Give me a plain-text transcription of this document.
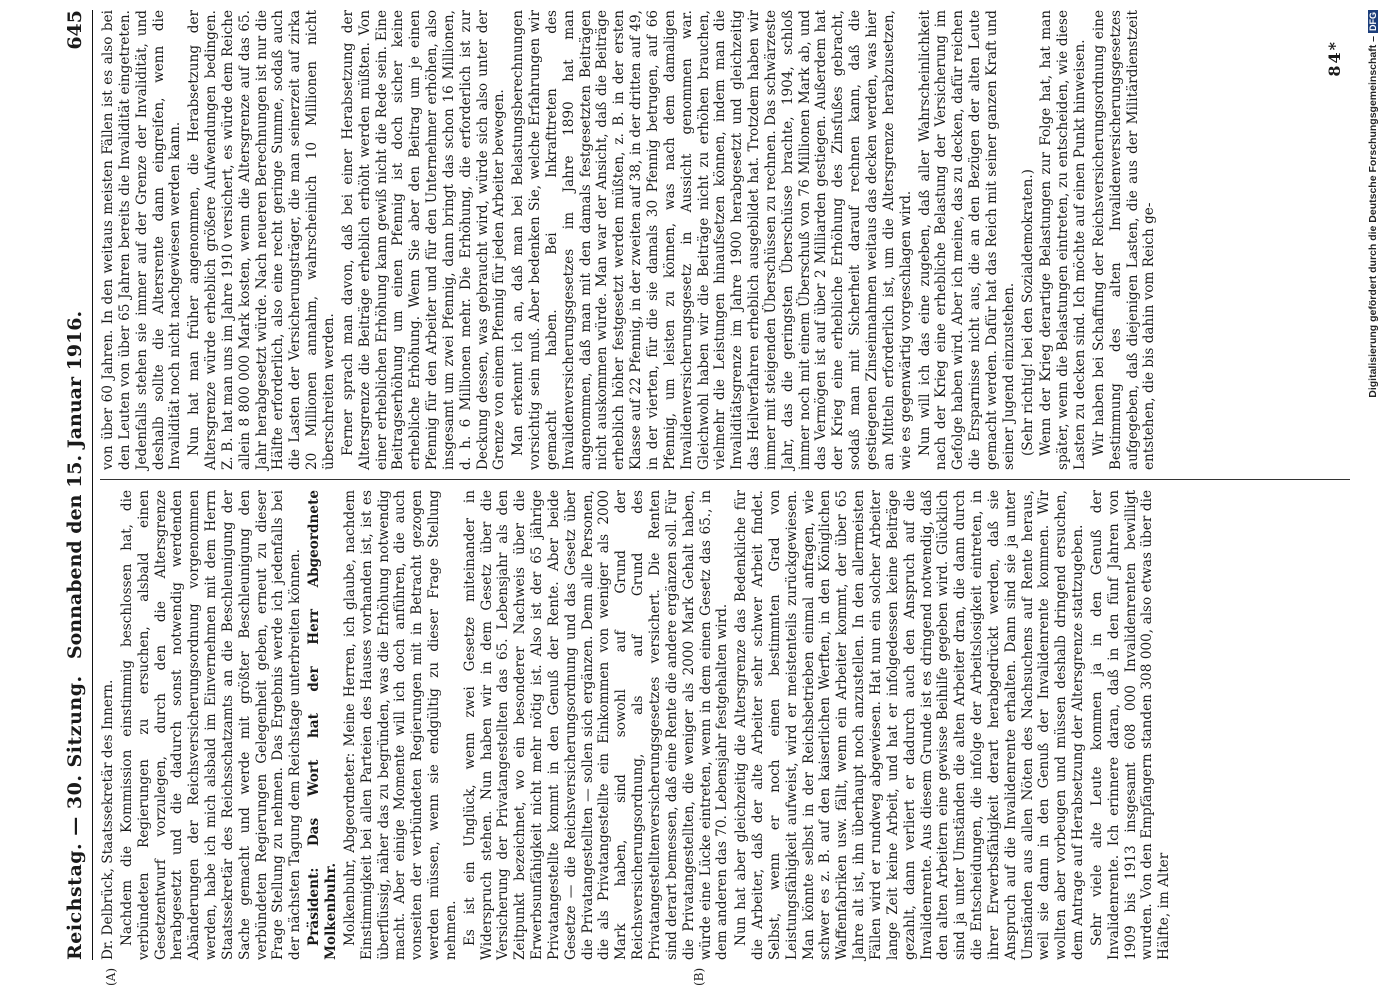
Reichstag. — 30. Sitzung.
Sonnabend den 15. Januar 1916.
645
(A)	(B)

Dr. Delbrück, Staatssekretär des Innern. Nachdem die Kommission einstimmig beschlossen hat, die verbündeten Regierungen zu ersuchen, alsbald einen Gesetzentwurf vorzulegen, durch den die Altersgrenze herabgesetzt und die dadurch sonst notwendig werdenden Abänderungen der Reichsversicherungsordnung vorgenommen werden, habe ich mich alsbald im Einvernehmen mit dem Herrn Staatssekretär des Reichsschatzamts an die Beschleunigung der Sache gemacht und werde mit größter Beschleunigung den verbündeten Regierungen Gelegenheit geben, erneut zu dieser Frage Stellung zu nehmen. Das Ergebnis werde ich jedenfalls bei der nächsten Tagung dem Reichstage unterbreiten können. Präsident: Das Wort hat der Herr Abgeordnete Molkenbuhr. Molkenbuhr, Abgeordneter: Meine Herren, ich glaube, nachdem Einstimmigkeit bei allen Parteien des Hauses vorhanden ist, ist es überflüssig, näher das zu begründen, was die Erhöhung notwendig macht. Aber einige Momente will ich doch anführen, die auch vonseiten der verbündeten Regierungen mit in Betracht gezogen werden müssen, wenn sie endgültig zu dieser Frage Stellung nehmen. Es ist ein Unglück, wenn zwei Gesetze miteinander in Widerspruch stehen. Nun haben wir in dem Gesetz über die Versicherung der Privatangestellten das 65. Lebensjahr als den Zeitpunkt bezeichnet, wo ein besonderer Nachweis über die Erwerbsunfähigkeit nicht mehr nötig ist. Also ist der 65 jährige Privatangestellte kommt in den Genuß der Rente. Aber beide Gesetze — die Reichsversicherungsordnung und das Gesetz über die Privatangestellten — sollen sich ergänzen. Denn alle Personen, die als Privatangestellte ein Einkommen von weniger als 2000 Mark haben, sind sowohl auf Grund der Reichsversicherungsordnung, als auf Grund des Privatangestelltenversicherungsgesetzes versichert. Die Renten sind derart bemessen, daß eine Rente die andere ergänzen soll. Für die Privatangestellten, die weniger als 2000 Mark Gehalt haben, würde eine Lücke eintreten, wenn in dem einen Gesetz das 65., in dem anderen das 70. Lebensjahr festgehalten wird. Nun hat aber gleichzeitig die Altersgrenze das Bedenkliche für die Arbeiter, daß der alte Arbeiter sehr schwer Arbeit findet. Selbst, wenn er noch einen bestimmten Grad von Leistungsfähigkeit aufweist, wird er meistenteils zurückgewiesen. Man könnte selbst in der Reichsbetrieben einmal anfragen, wie schwer es z. B. auf den kaiserlichen Werften, in den Königlichen Waffenfabriken usw. fällt, wenn ein Arbeiter kommt, der über 65 Jahre alt ist, ihn überhaupt noch anzustellen. In den allermeisten Fällen wird er rundweg abgewiesen. Hat nun ein solcher Arbeiter lange Zeit keine Arbeit, und hat er infolgedessen keine Beiträge gezahlt, dann verliert er dadurch auch den Anspruch auf die Invalidenrente. Aus diesem Grunde ist es dringend notwendig, daß den alten Arbeitern eine gewisse Beihilfe gegeben wird. Glücklich sind ja unter Umständen die alten Arbeiter dran, die dann durch die Entscheidungen, die infolge der Arbeitslosigkeit eintreten, in ihrer Erwerbsfähigkeit derart herabgedrückt werden, daß sie Anspruch auf die Invalidenrente erhalten. Dann sind sie ja unter Umständen aus allen Nöten des Nachsuchens auf Rente heraus, weil sie dann in den Genuß der Invalidenrente kommen. Wir wollten aber vorbeugen und müssen deshalb dringend ersuchen, dem Antrage auf Herabsetzung der Altersgrenze stattzugeben. Sehr viele alte Leute kommen ja in den Genuß der Invalidenrente. Ich erinnere daran, daß in den fünf Jahren von 1909 bis 1913 insgesamt 608 000 Invalidenrenten bewilligt wurden. Von den Empfängern standen 308 000, also etwas über die Hälfte, im Alter

von über 60 Jahren. In den weitaus meisten Fällen ist es also bei den Leuten von über 65 Jahren bereits die Invalidität eingetreten. Jedenfalls stehen sie immer auf der Grenze der Invalidität, und deshalb sollte die Altersrente dann eingreifen, wenn die Invalidität noch nicht nachgewiesen werden kann. Nun hat man früher angenommen, die Herabsetzung der Altersgrenze würde erheblich größere Aufwendungen bedingen. Z. B. hat man uns im Jahre 1910 versichert, es würde dem Reiche allein 8 800 000 Mark kosten, wenn die Altersgrenze auf das 65. Jahr herabgesetzt würde. Nach neueren Berechnungen ist nur die Hälfte erforderlich, also eine recht geringe Summe, sodaß auch die Lasten der Versicherungsträger, die man seinerzeit auf zirka 20 Millionen annahm, wahrscheinlich 10 Millionen nicht überschreiten werden. Ferner sprach man davon, daß bei einer Herabsetzung der Altersgrenze die Beiträge erheblich erhöht werden müßten. Von einer erheblichen Erhöhung kann gewiß nicht die Rede sein. Eine Beitragserhöhung um einen Pfennig ist doch sicher keine erhebliche Erhöhung. Wenn Sie aber den Beitrag um je einen Pfennig für den Arbeiter und für den Unternehmer erhöhen, also insgesamt um zwei Pfennig, dann bringt das schon 16 Millionen, d. h. 6 Millionen mehr. Die Erhöhung, die erforderlich ist zur Deckung dessen, was gebraucht wird, würde sich also unter der Grenze von einem Pfennig für jeden Arbeiter bewegen. Man erkennt ich an, daß man bei Belastungsberechnungen vorsichtig sein muß. Aber bedenken Sie, welche Erfahrungen wir gemacht haben. Bei Inkrafttreten des Invalidenversicherungsgesetzes im Jahre 1890 hat man angenommen, daß man mit den damals festgesetzten Beiträgen nicht auskommen würde. Man war der Ansicht, daß die Beiträge erheblich höher festgesetzt werden müßten, z. B. in der ersten Klasse auf 22 Pfennig, in der zweiten auf 38, in der dritten auf 49, in der vierten, für die sie damals 30 Pfennig betrugen, auf 66 Pfennig, um leisten zu können, was nach dem damaligen Invalidenversicherungsgesetz in Aussicht genommen war. Gleichwohl haben wir die Beiträge nicht zu erhöhen brauchen, vielmehr die Leistungen hinaufsetzen können, indem man die Invaliditätsgrenze im Jahre 1900 herabgesetzt und gleichzeitig das Heilverfahren erheblich ausgebildet hat. Trotzdem haben wir immer mit steigenden Überschüssen zu rechnen. Das schwärzeste Jahr, das die geringsten Überschüsse brachte, 1904, schloß immer noch mit einem Überschuß von 76 Millionen Mark ab, und das Vermögen ist auf über 2 Milliarden gestiegen. Außerdem hat der Krieg eine erhebliche Erhöhung des Zinsfußes gebracht, sodaß man mit Sicherheit darauf rechnen kann, daß die gestiegenen Zinseinnahmen weitaus das decken werden, was hier an Mitteln erforderlich ist, um die Altersgrenze herabzusetzen, wie es gegenwärtig vorgeschlagen wird. Nun will ich das eine zugeben, daß aller Wahrscheinlichkeit nach der Krieg eine erhebliche Belastung der Versicherung im Gefolge haben wird. Aber ich meine, das zu decken, dafür reichen die Ersparnisse nicht aus, die an den Bezügen der alten Leute gemacht werden. Dafür hat das Reich mit seiner ganzen Kraft und seiner Jugend einzustehen. (Sehr richtig! bei den Sozialdemokraten.) Wenn der Krieg derartige Belastungen zur Folge hat, hat man später, wenn die Belastungen eintreten, zu entscheiden, wie diese Lasten zu decken sind. Ich möchte auf einen Punkt hinweisen. Wir haben bei Schaffung der Reichsversicherungsordnung eine Bestimmung des alten Invalidenversicherungsgesetzes aufgegeben, daß diejenigen Lasten, die aus der Militärdienstzeit entstehen, die bis dahin vom Reich ge-

84* Digitalisierung gefördert durch die Deutsche Forschungsgemeinschaft –DFG
